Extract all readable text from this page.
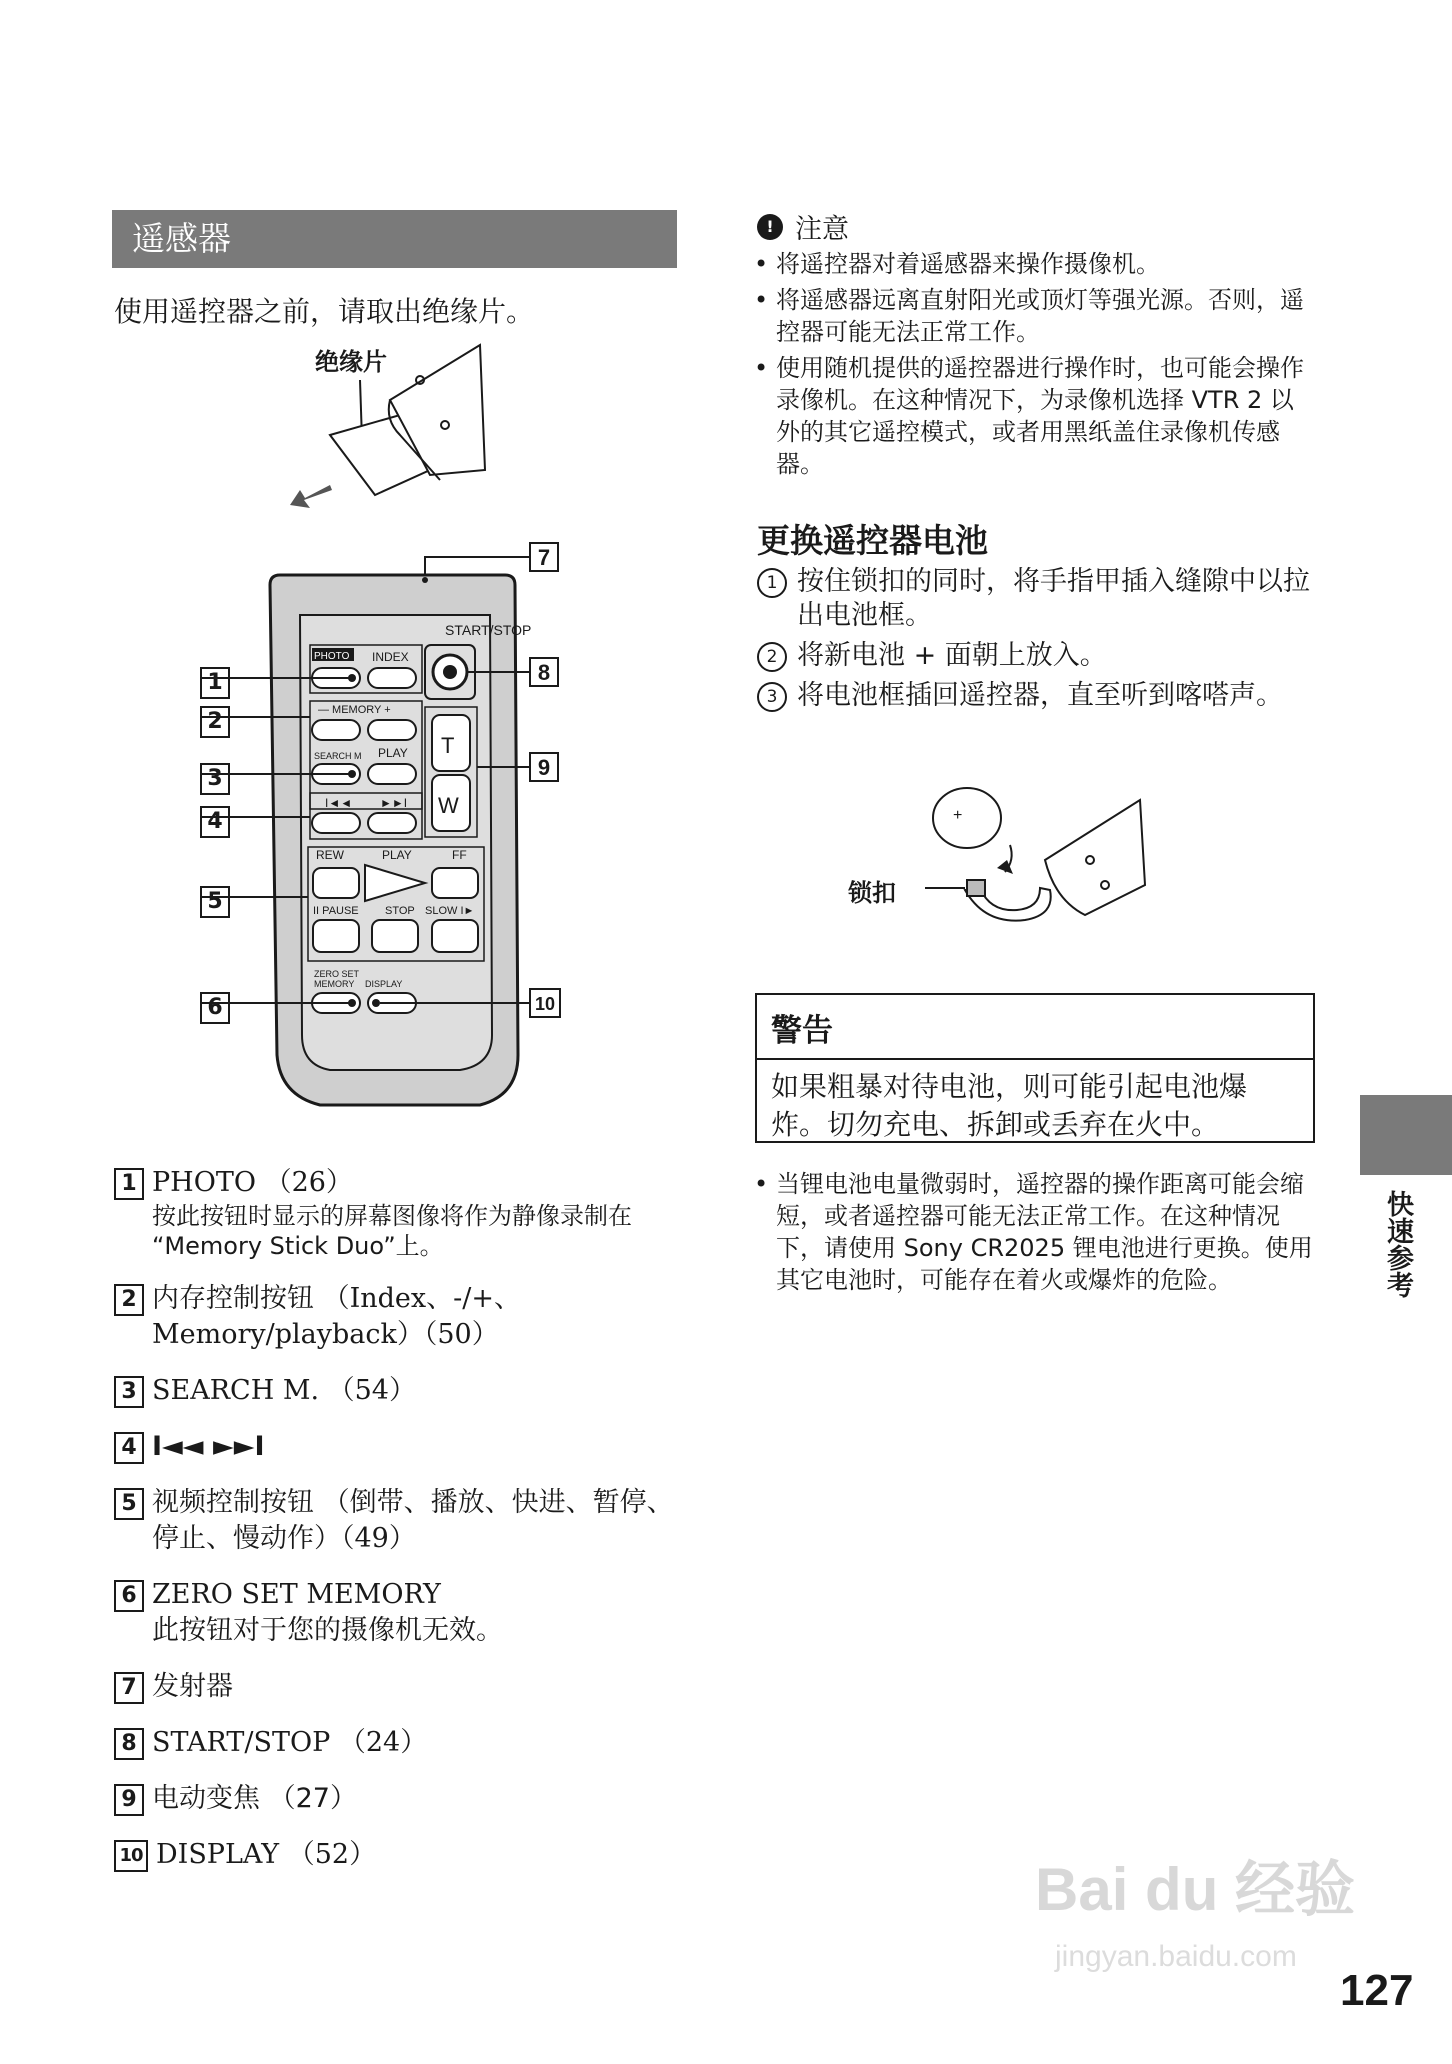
遥感器
使用遥控器之前，请取出绝缘片。
绝缘片
START/STOP
PHOTO INDEX
— MEMORY +
SEARCH M PLAY T
W
I◄◄ ►►I
REW	PLAY	FF
II PAUSE STOP SLOW I►
ZERO SET
MEMORY DISPLAY
7
8
9
10
1
2
3
4
5
6
1 PHOTO （26）
按此按钮时显示的屏幕图像将作为静像录制在 “Memory Stick Duo”上。
2 内存控制按钮 （Index、-/+、Memory/playback）（50）
3 SEARCH M. （54）
4 I◄◄ ►►I
5 视频控制按钮 （倒带、播放、快进、暂停、停止、慢动作）（49）
6 ZERO SET MEMORY
此按钮对于您的摄像机无效。
7 发射器
8 START/STOP （24）
9 电动变焦 （27）
10 DISPLAY （52）
! 注意
• 将遥控器对着遥感器来操作摄像机。
• 将遥感器远离直射阳光或顶灯等强光源。否则，遥控器可能无法正常工作。
• 使用随机提供的遥控器进行操作时，也可能会操作录像机。在这种情况下，为录像机选择 VTR 2 以外的其它遥控模式，或者用黑纸盖住录像机传感器。
更换遥控器电池
1 按住锁扣的同时，将手指甲插入缝隙中以拉出电池框。
2 将新电池 + 面朝上放入。
3 将电池框插回遥控器，直至听到喀嗒声。
+
锁扣
警告
如果粗暴对待电池，则可能引起电池爆炸。切勿充电、拆卸或丢弃在火中。
• 当锂电池电量微弱时，遥控器的操作距离可能会缩短，或者遥控器可能无法正常工作。在这种情况下，请使用 Sony CR2025 锂电池进行更换。使用其它电池时，可能存在着火或爆炸的危险。	快速参考
Bai du 经验
jingyan.baidu.com
127
